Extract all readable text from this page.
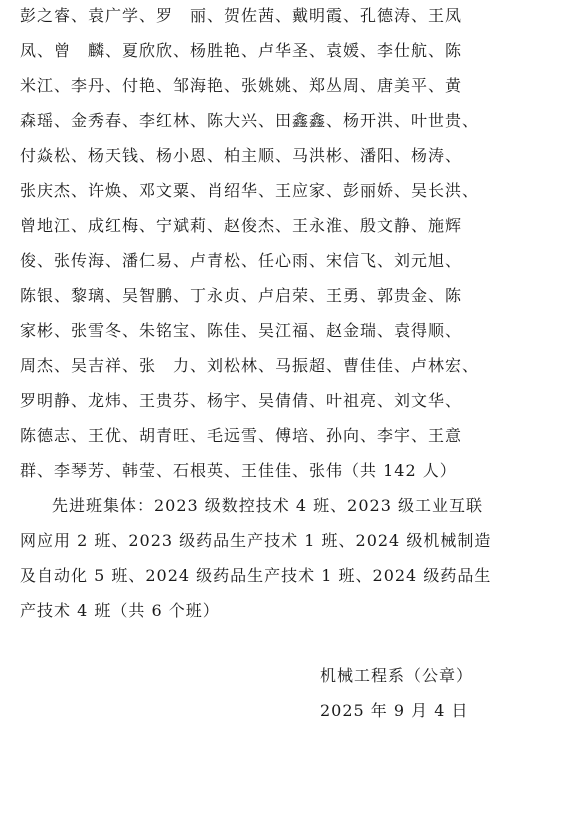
彭之睿、袁广学、罗　丽、贺佐茜、戴明霞、孔德涛、王凤
凤、曾　麟、夏欣欣、杨胜艳、卢华圣、袁媛、李仕航、陈
米江、李丹、付艳、邹海艳、张姚姚、郑丛周、唐美平、黄
森瑶、金秀春、李红林、陈大兴、田鑫鑫、杨开洪、叶世贵、
付焱松、杨天钱、杨小恩、柏主顺、马洪彬、潘阳、杨涛、
张庆杰、许焕、邓文粟、肖绍华、王应家、彭丽娇、吴长洪、
曾地江、成红梅、宁斌莉、赵俊杰、王永淮、殷文静、施辉
俊、张传海、潘仁易、卢青松、任心雨、宋信飞、刘元旭、
陈银、黎璃、吴智鹏、丁永贞、卢启荣、王勇、郭贵金、陈
家彬、张雪冬、朱铭宝、陈佳、吴江福、赵金瑞、袁得顺、
周杰、吴吉祥、张　力、刘松林、马振超、曹佳佳、卢林宏、
罗明静、龙炜、王贵芬、杨宇、吴倩倩、叶祖亮、刘文华、
陈德志、王优、胡青旺、毛远雪、傅培、孙向、李宇、王意
群、李琴芳、韩莹、石根英、王佳佳、张伟（共 142 人）
先进班集体：2023 级数控技术 4 班、2023 级工业互联
网应用 2 班、2023 级药品生产技术 1 班、2024 级机械制造
及自动化 5 班、2024 级药品生产技术 1 班、2024 级药品生
产技术 4 班（共 6 个班）
机械工程系（公章）
2025 年 9 月 4 日
